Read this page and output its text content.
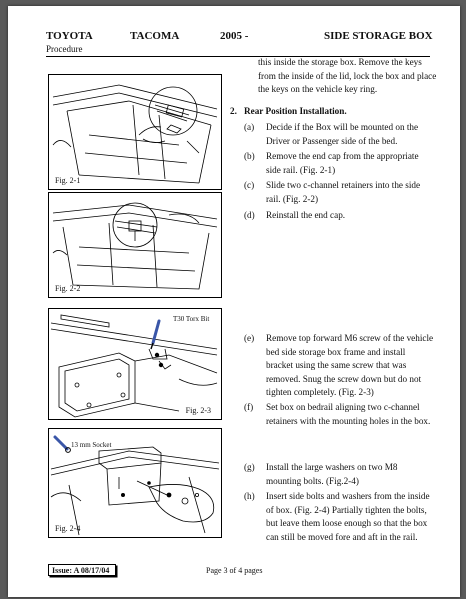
TOYOTA	TACOMA	2005 -	SIDE STORAGE BOX
Procedure
Fig. 2-1
Fig. 2-2
T30 Torx Bit
Fig. 2-3
13 mm Socket
Fig. 2-4
this inside the storage box. Remove the keys from the inside of the lid, lock the box and place the keys on the vehicle key ring.
2. Rear Position Installation.
(a) Decide if the Box will be mounted on the Driver or Passenger side of the bed.
(b) Remove the end cap from the appropriate side rail. (Fig. 2-1)
(c) Slide two c-channel retainers into the side rail. (Fig. 2-2)
(d) Reinstall the end cap.
(e) Remove top forward M6 screw of the vehicle bed side storage box frame and install bracket using the same screw that was removed. Snug the screw down but do not tighten completely. (Fig. 2-3)
(f) Set box on bedrail aligning two c-channel retainers with the mounting holes in the box.
(g) Install the large washers on two M8 mounting bolts. (Fig.2-4)
(h) Insert side bolts and washers from the inside of box. (Fig. 2-4) Partially tighten the bolts, but leave them loose enough so that the box can still be moved fore and aft in the rail.
Issue: A 08/17/04	Page 3 of 4 pages
